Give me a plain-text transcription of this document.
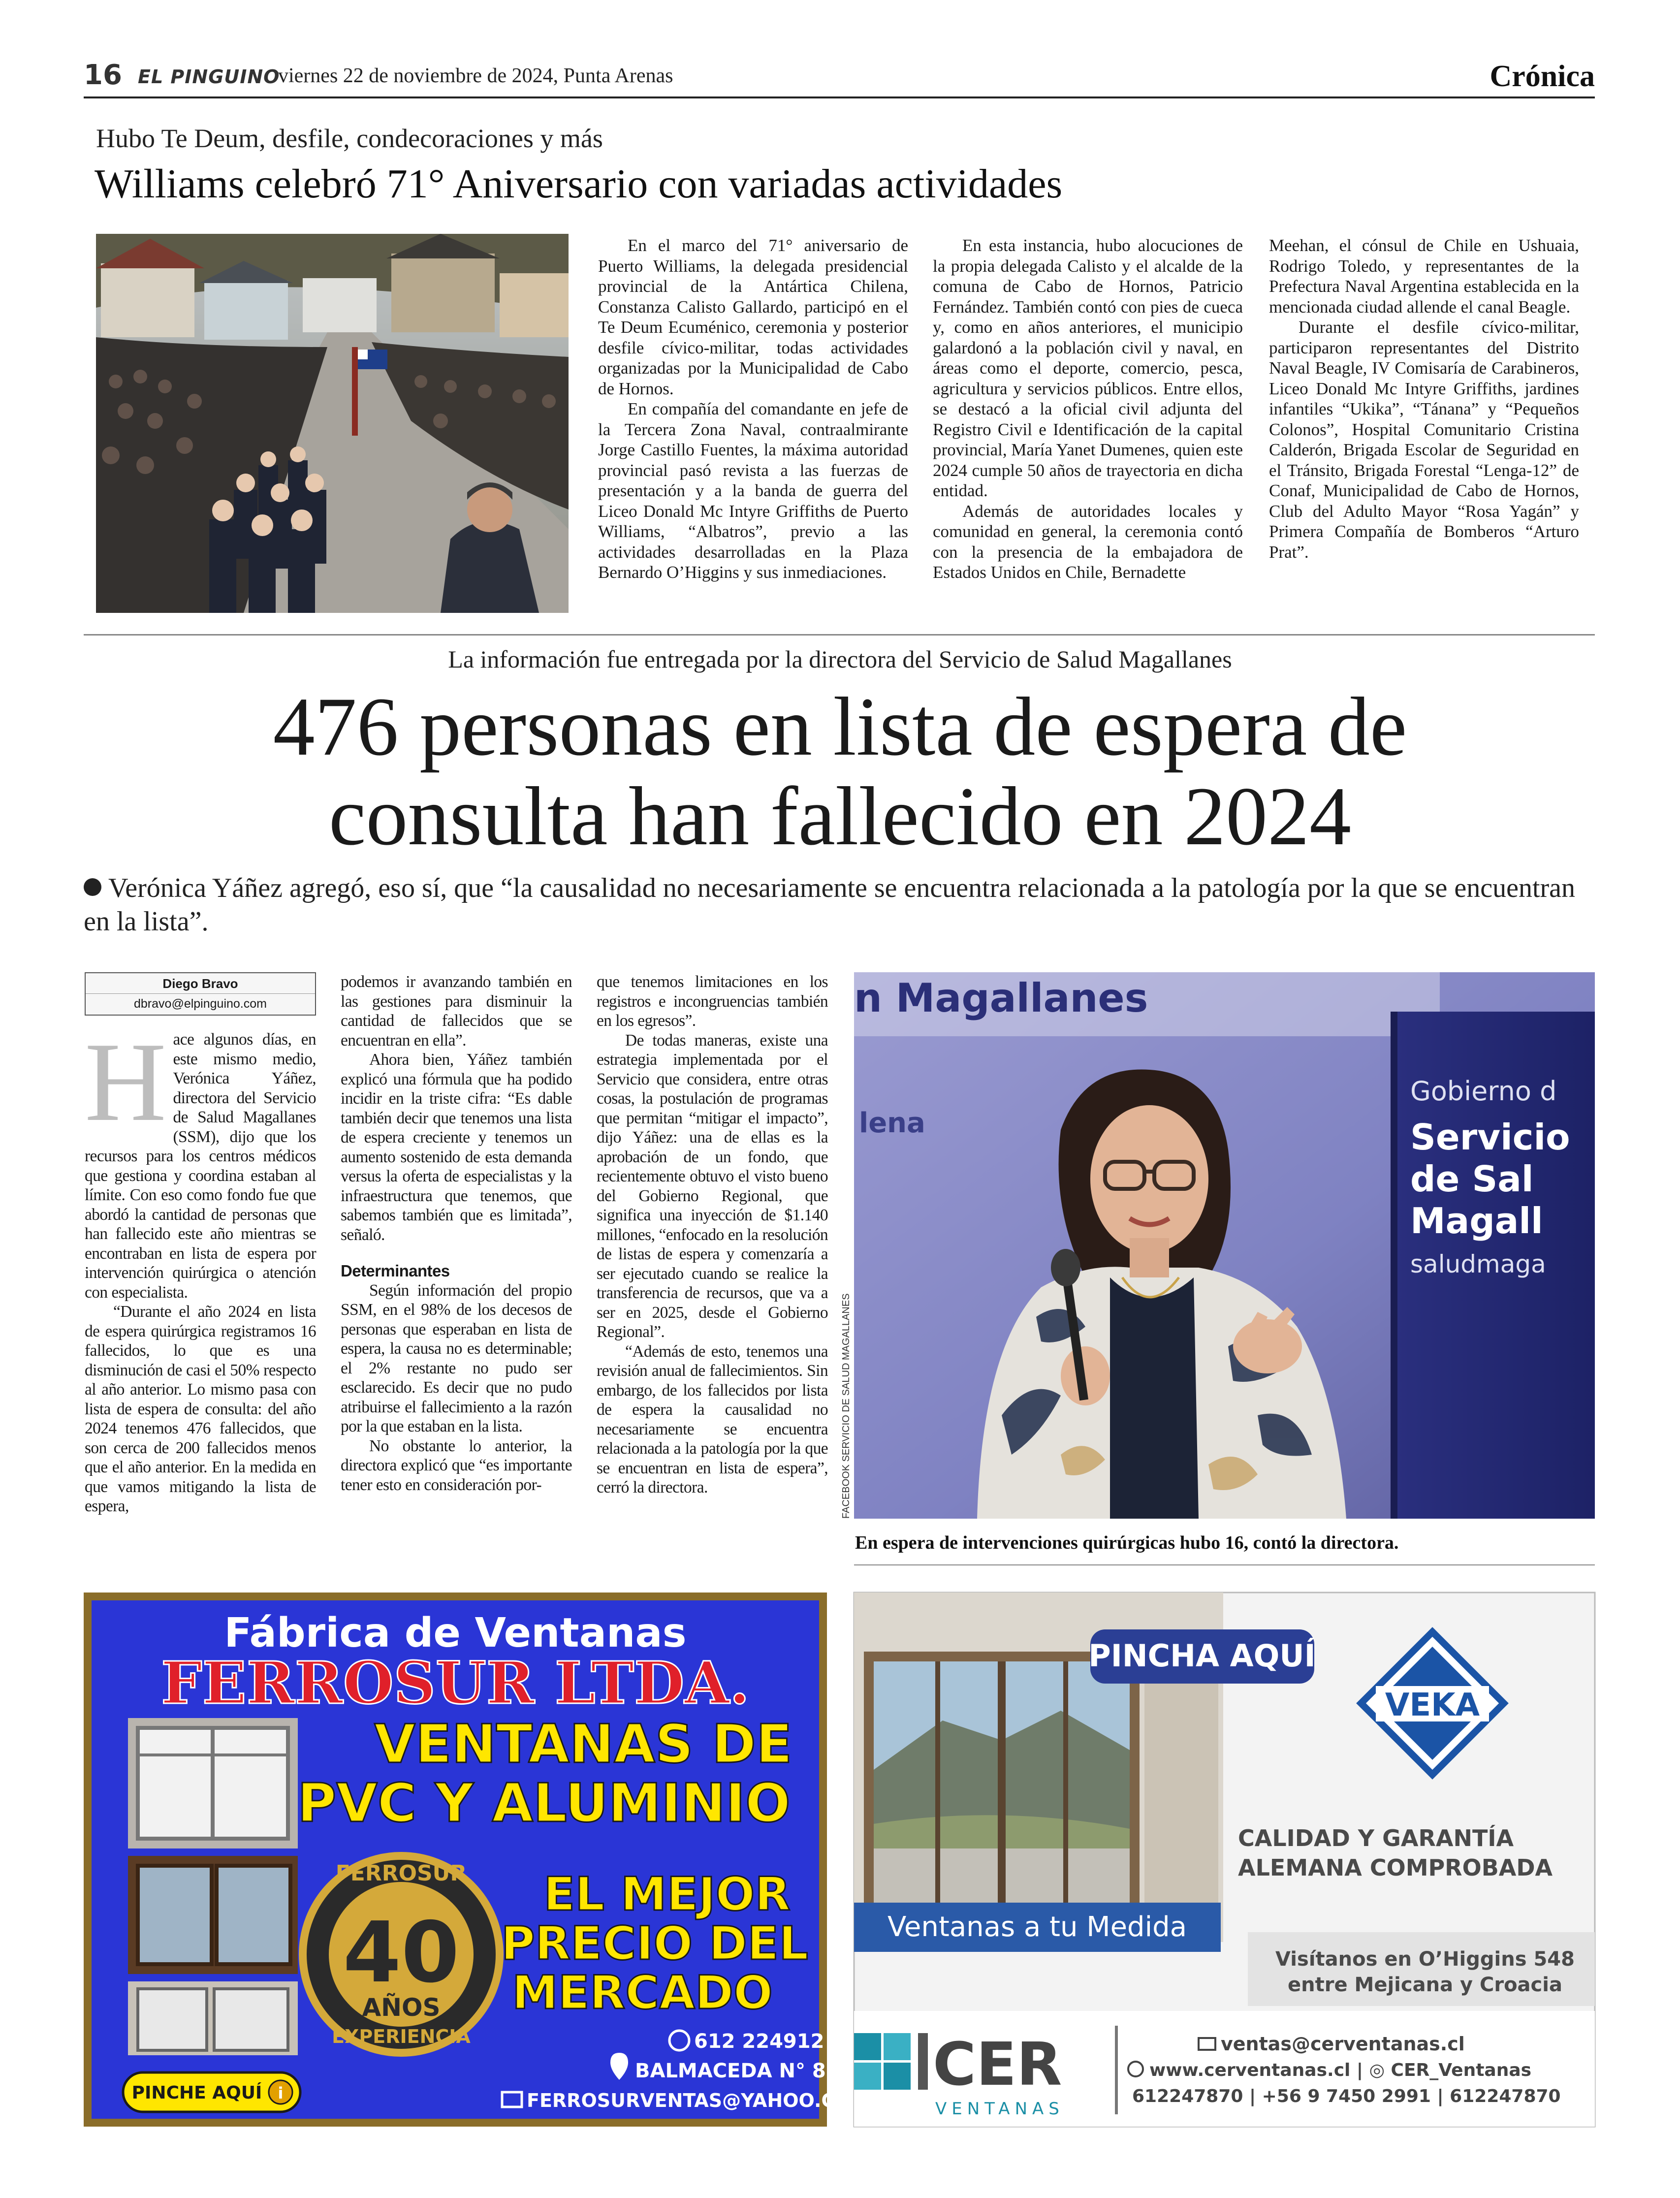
16 EL PINGUINO
viernes 22 de noviembre de 2024, Punta Arenas	Crónica
Hubo Te Deum, desfile, condecoraciones y más
Williams celebró 71° Aniversario con variadas actividades

En el marco del 71° aniversario de Puerto Williams, la delegada presidencial provincial de la Antártica Chilena, Constanza Calisto Gallardo, participó en el Te Deum Ecuménico, ceremonia y posterior desfile cívico-militar, todas actividades organizadas por la Municipalidad de Cabo de Hornos.

En compañía del comandante en jefe de la Tercera Zona Naval, contraalmirante Jorge Castillo Fuentes, la máxima autoridad provincial pasó revista a las fuerzas de presentación y a la banda de guerra del Liceo Donald Mc Intyre Griffiths de Puerto Williams, “Albatros”, previo a las actividades desarrolladas en la Plaza Bernardo O’Higgins y sus inmediaciones.

En esta instancia, hubo alocuciones de la propia delegada Calisto y el alcalde de la comuna de Cabo de Hornos, Patricio Fernández. También contó con pies de cueca y, como en años anteriores, el municipio galardonó a la población civil y naval, en áreas como el deporte, comercio, pesca, agricultura y servicios públicos. Entre ellos, se destacó a la oficial civil adjunta del Registro Civil e Identificación de la capital provincial, María Yanet Dumenes, quien este 2024 cumple 50 años de trayectoria en dicha entidad.

Además de autoridades locales y comunidad en general, la ceremonia contó con la presencia de la embajadora de Estados Unidos en Chile, Bernadette

Meehan, el cónsul de Chile en Ushuaia, Rodrigo Toledo, y representantes de la Prefectura Naval Argentina establecida en la mencionada ciudad allende el canal Beagle.

Durante el desfile cívico-militar, participaron representantes del Distrito Naval Beagle, IV Comisaría de Carabineros, Liceo Donald Mc Intyre Griffiths, jardines infantiles “Ukika”, “Tánana” y “Pequeños Colonos”, Hospital Comunitario Cristina Calderón, Brigada Escolar de Seguridad en el Tránsito, Brigada Forestal “Lenga-12” de Conaf, Municipalidad de Cabo de Hornos, Club del Adulto Mayor “Rosa Yagán” y Primera Compañía de Bomberos “Arturo Prat”.

La información fue entregada por la directora del Servicio de Salud Magallanes
476 personas en lista de espera de
consulta han fallecido en 2024
Verónica Yáñez agregó, eso sí, que “la causalidad no necesariamente se encuentra relacionada a la patología por la que se encuentran en la lista”.
Diego Bravo
dbravo@elpinguino.com

Hace algunos días, en este mismo medio, Verónica Yáñez, directora del Servicio de Salud Magallanes (SSM), dijo que los recursos para los centros médicos que gestiona y coordina estaban al límite. Con eso como fondo fue que abordó la cantidad de personas que han fallecido este año mientras se encontraban en lista de espera por intervención quirúrgica o atención con especialista.

“Durante el año 2024 en lista de espera quirúrgica registramos 16 fallecidos, lo que es una disminución de casi el 50% respecto al año anterior. Lo mismo pasa con lista de espera de consulta: del año 2024 tenemos 476 fallecidos, que son cerca de 200 fallecidos menos que el año anterior. En la medida en que vamos mitigando la lista de espera,

podemos ir avanzando también en las gestiones para disminuir la cantidad de fallecidos que se encuentran en ella”.

Ahora bien, Yáñez también explicó una fórmula que ha podido incidir en la triste cifra: “Es dable también decir que tenemos una lista de espera creciente y tenemos un aumento sostenido de esta demanda versus la oferta de especialistas y la infraestructura que tenemos, que sabemos también que es limitada”, señaló.

Determinantes

Según información del propio SSM, en el 98% de los decesos de personas que esperaban en lista de espera, la causa no es determinable; el 2% restante no pudo ser esclarecido. Es decir que no pudo atribuirse el fallecimiento a la razón por la que estaban en la lista.

No obstante lo anterior, la directora explicó que “es importante tener esto en consideración por-

que tenemos limitaciones en los registros e incongruencias también en los egresos”.

De todas maneras, existe una estrategia implementada por el Servicio que considera, entre otras cosas, la postulación de programas que permitan “mitigar el impacto”, dijo Yáñez: una de ellas es la aprobación de un fondo, que recientemente obtuvo el visto bueno del Gobierno Regional, que significa una inyección de $1.140 millones, “enfocado en la resolución de listas de espera y comenzaría a ser ejecutado cuando se realice la transferencia de recursos, que va a ser en 2025, desde el Gobierno Regional”.

“Además de esto, tenemos una revisión anual de fallecimientos. Sin embargo, de los fallecidos por lista de espera la causalidad no necesariamente se encuentra relacionada a la patología por la que se encuentran en lista de espera”, cerró la directora.

n Magallanes
lena
Gobierno d
Servicio
de Sal
Magall
saludmaga
FACEBOOK SERVICIO DE SALUD MAGALLANES
En espera de intervenciones quirúrgicas hubo 16, contó la directora.
Fábrica de Ventanas
FERROSUR LTDA.
VENTANAS DE
PVC Y ALUMINIO
FERROSUR
40
AÑOS
EXPERIENCIA
EL MEJOR
PRECIO DEL
MERCADO
612 224912
BALMACEDA N° 854
FERROSURVENTAS@YAHOO.CL
PINCHE AQUÍ i
PINCHA AQUÍ
VEKA
CALIDAD Y GARANTÍA
ALEMANA COMPROBADA
Ventanas a tu Medida
Visítanos en O’Higgins 548
entre Mejicana y Croacia
CER
VENTANAS
ventas@cerventanas.cl
www.cerventanas.cl | ◎ CER_Ventanas
612247870 | +56 9 7450 2991 | 612247870
